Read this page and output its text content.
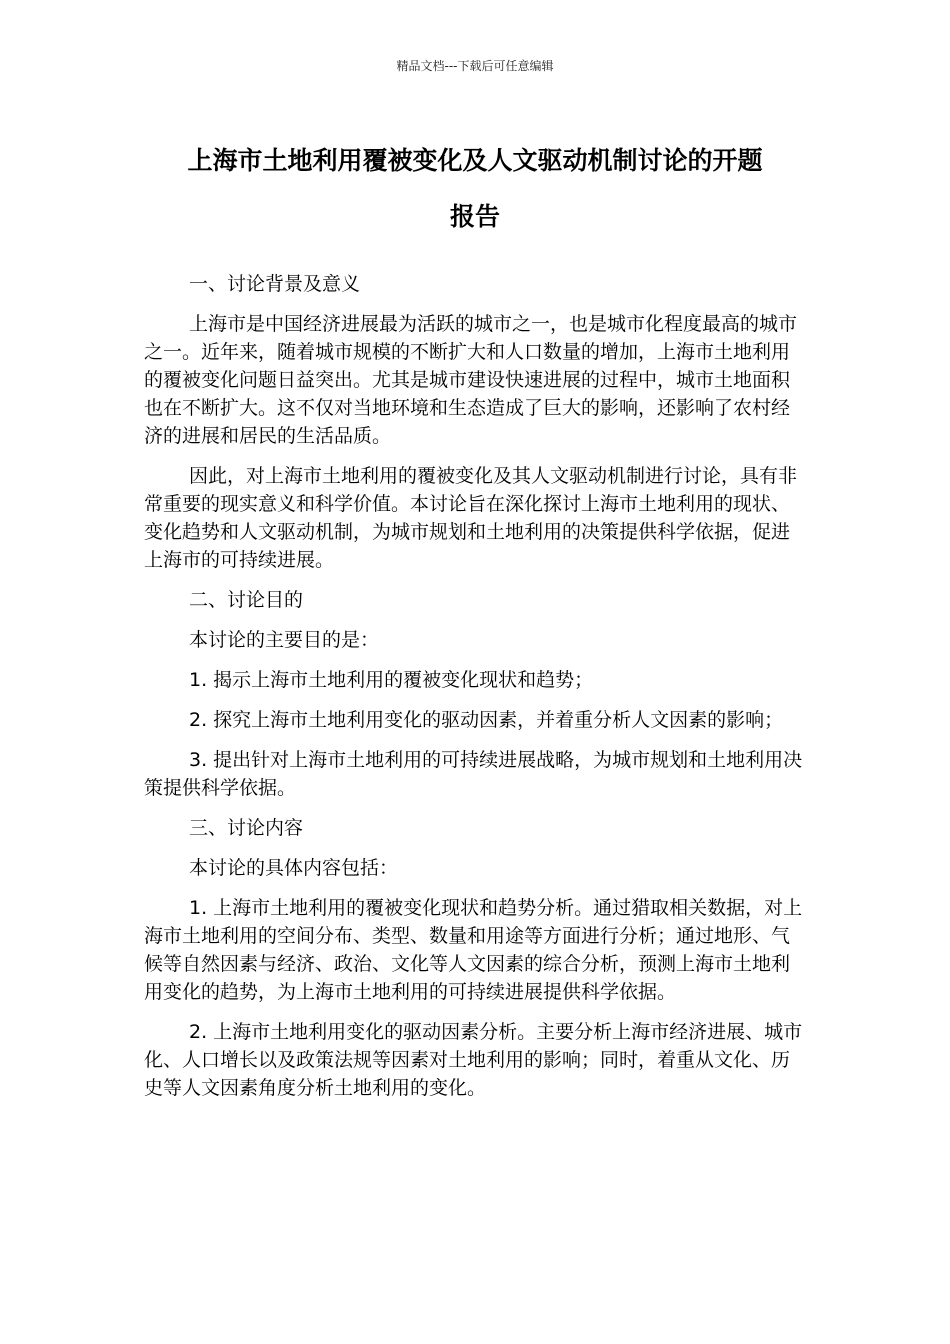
精品文档---下载后可任意编辑
上海市土地利用覆被变化及人文驱动机制讨论的开题
报告

一、讨论背景及意义

上海市是中国经济进展最为活跃的城市之一，也是城市化程度最高的城市之一。近年来，随着城市规模的不断扩大和人口数量的增加，上海市土地利用的覆被变化问题日益突出。尤其是城市建设快速进展的过程中，城市土地面积也在不断扩大。这不仅对当地环境和生态造成了巨大的影响，还影响了农村经济的进展和居民的生活品质。

因此，对上海市土地利用的覆被变化及其人文驱动机制进行讨论，具有非常重要的现实意义和科学价值。本讨论旨在深化探讨上海市土地利用的现状、变化趋势和人文驱动机制，为城市规划和土地利用的决策提供科学依据，促进上海市的可持续进展。

二、讨论目的

本讨论的主要目的是：

1. 揭示上海市土地利用的覆被变化现状和趋势；

2. 探究上海市土地利用变化的驱动因素，并着重分析人文因素的影响；

3. 提出针对上海市土地利用的可持续进展战略，为城市规划和土地利用决策提供科学依据。

三、讨论内容

本讨论的具体内容包括：

1. 上海市土地利用的覆被变化现状和趋势分析。通过猎取相关数据，对上海市土地利用的空间分布、类型、数量和用途等方面进行分析；通过地形、气候等自然因素与经济、政治、文化等人文因素的综合分析，预测上海市土地利用变化的趋势，为上海市土地利用的可持续进展提供科学依据。

2. 上海市土地利用变化的驱动因素分析。主要分析上海市经济进展、城市化、人口增长以及政策法规等因素对土地利用的影响；同时，着重从文化、历史等人文因素角度分析土地利用的变化。
